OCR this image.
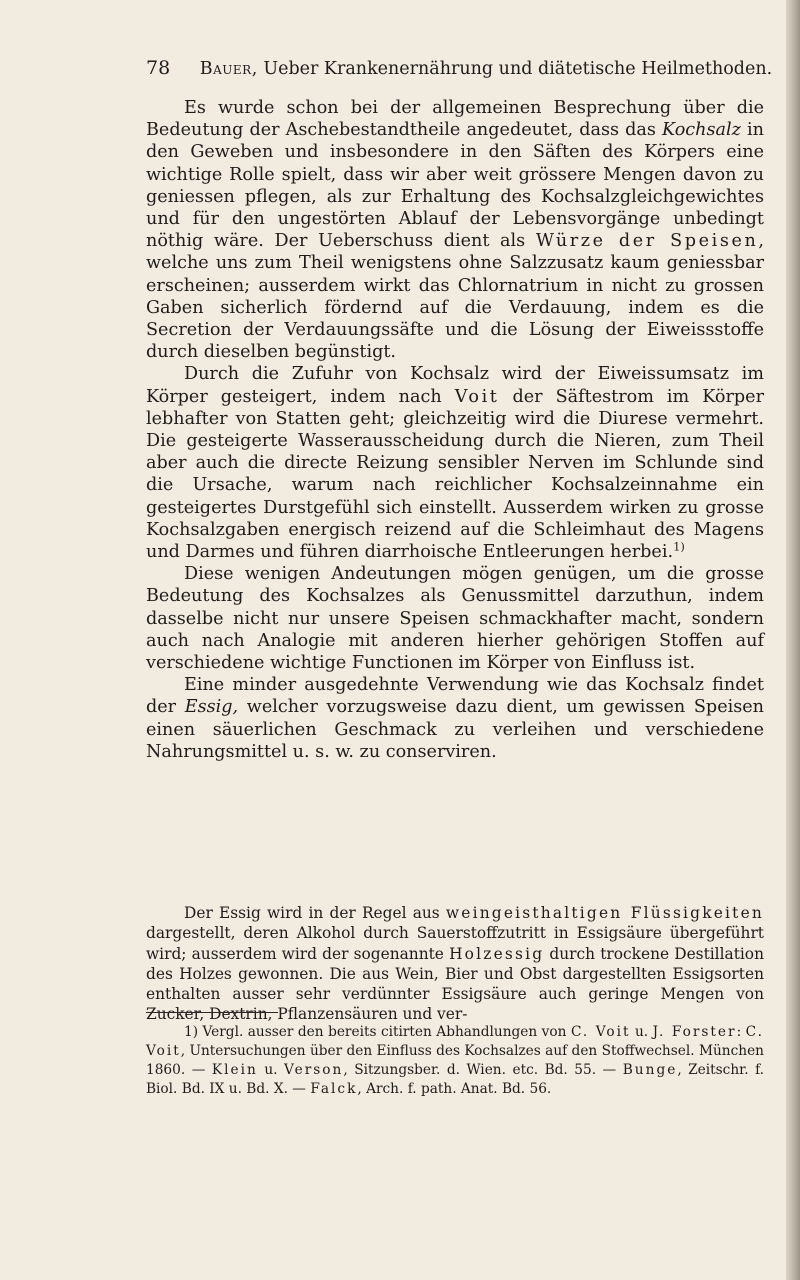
78 Bauer, Ueber Krankenernährung und diätetische Heilmethoden.

Es wurde schon bei der allgemeinen Besprechung über die Bedeutung der Aschebestandtheile angedeutet, dass das Kochsalz in den Geweben und insbesondere in den Säften des Körpers eine wichtige Rolle spielt, dass wir aber weit grössere Mengen davon zu geniessen pflegen, als zur Erhaltung des Kochsalzgleichgewichtes und für den ungestörten Ablauf der Lebensvorgänge unbedingt nöthig wäre. Der Ueberschuss dient als Würze der Speisen, welche uns zum Theil wenigstens ohne Salzzusatz kaum geniessbar erscheinen; ausserdem wirkt das Chlornatrium in nicht zu grossen Gaben sicherlich fördernd auf die Verdauung, indem es die Secretion der Verdauungssäfte und die Lösung der Eiweissstoffe durch dieselben begünstigt.

Durch die Zufuhr von Kochsalz wird der Eiweissumsatz im Körper gesteigert, indem nach Voit der Säftestrom im Körper lebhafter von Statten geht; gleichzeitig wird die Diurese vermehrt. Die gesteigerte Wasserausscheidung durch die Nieren, zum Theil aber auch die directe Reizung sensibler Nerven im Schlunde sind die Ursache, warum nach reichlicher Kochsalzeinnahme ein gesteigertes Durstgefühl sich einstellt. Ausserdem wirken zu grosse Kochsalzgaben energisch reizend auf die Schleimhaut des Magens und Darmes und führen diarrhoische Entleerungen herbei.$^{1)}$

Diese wenigen Andeutungen mögen genügen, um die grosse Bedeutung des Kochsalzes als Genussmittel darzuthun, indem dasselbe nicht nur unsere Speisen schmackhafter macht, sondern auch nach Analogie mit anderen hierher gehörigen Stoffen auf verschiedene wichtige Functionen im Körper von Einfluss ist.

Eine minder ausgedehnte Verwendung wie das Kochsalz findet der Essig, welcher vorzugsweise dazu dient, um gewissen Speisen einen säuerlichen Geschmack zu verleihen und verschiedene Nahrungsmittel u. s. w. zu conserviren.

Der Essig wird in der Regel aus weingeisthaltigen Flüssigkeiten dargestellt, deren Alkohol durch Sauerstoffzutritt in Essigsäure übergeführt wird; ausserdem wird der sogenannte Holzessig durch trockene Destillation des Holzes gewonnen. Die aus Wein, Bier und Obst dargestellten Essigsorten enthalten ausser sehr verdünnter Essigsäure auch geringe Mengen von Zucker, Dextrin, Pflanzensäuren und ver-

1) Vergl. ausser den bereits citirten Abhandlungen von C. Voit u. J. Forster: C. Voit, Untersuchungen über den Einfluss des Kochsalzes auf den Stoffwechsel. München 1860. — Klein u. Verson, Sitzungsber. d. Wien. etc. Bd. 55. — Bunge, Zeitschr. f. Biol. Bd. IX u. Bd. X. — Falck, Arch. f. path. Anat. Bd. 56.
